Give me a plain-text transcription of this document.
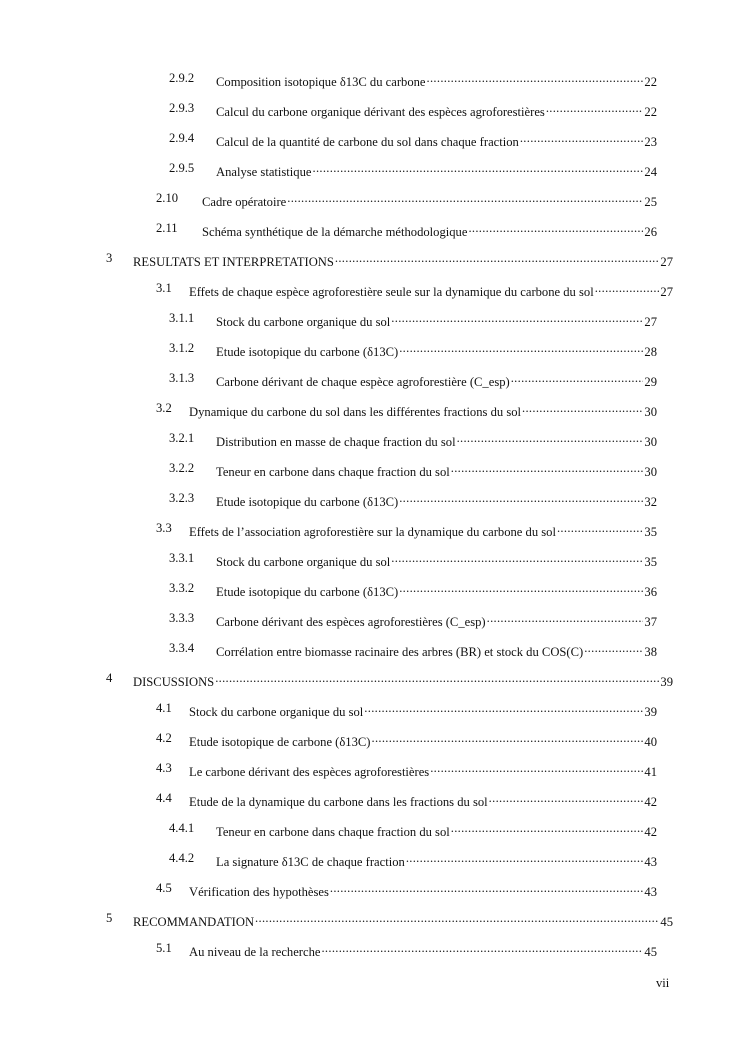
2.9.2 Composition isotopique δ13C du carbone .....	22
2.9.3 Calcul du carbone organique dérivant des espèces agroforestières .....	22
2.9.4 Calcul de la quantité de carbone du sol dans chaque fraction .....	23
2.9.5 Analyse statistique .....	24
2.10 Cadre opératoire .....	25
2.11 Schéma synthétique de la démarche méthodologique .....	26
3 RESULTATS ET INTERPRETATIONS .....	27
3.1 Effets de chaque espèce agroforestière seule sur la dynamique du carbone du sol .....	27
3.1.1 Stock du carbone organique du sol .....	27
3.1.2 Etude isotopique du carbone (δ13C) .....	28
3.1.3 Carbone dérivant de chaque espèce agroforestière (C_esp) .....	29
3.2 Dynamique du carbone du sol dans les différentes fractions du sol .....	30
3.2.1 Distribution en masse de chaque fraction du sol .....	30
3.2.2 Teneur en carbone dans chaque fraction du sol .....	30
3.2.3 Etude isotopique du carbone (δ13C) .....	32
3.3 Effets de l’association agroforestière sur la dynamique du carbone du sol .....	35
3.3.1 Stock du carbone organique du sol .....	35
3.3.2 Etude isotopique du carbone (δ13C) .....	36
3.3.3 Carbone dérivant des espèces agroforestières (C_esp) .....	37
3.3.4 Corrélation entre biomasse racinaire des arbres (BR) et stock du COS(C) .....	38
4 DISCUSSIONS .....	39
4.1 Stock du carbone organique du sol .....	39
4.2 Etude isotopique de carbone (δ13C) .....	40
4.3 Le carbone dérivant des espèces agroforestières .....	41
4.4 Etude de la dynamique du carbone dans les fractions du sol .....	42
4.4.1 Teneur en carbone dans chaque fraction du sol .....	42
4.4.2 La signature δ13C de chaque fraction .....	43
4.5 Vérification des hypothèses .....	43
5 RECOMMANDATION .....	45
5.1 Au niveau de la recherche .....	45
vii
